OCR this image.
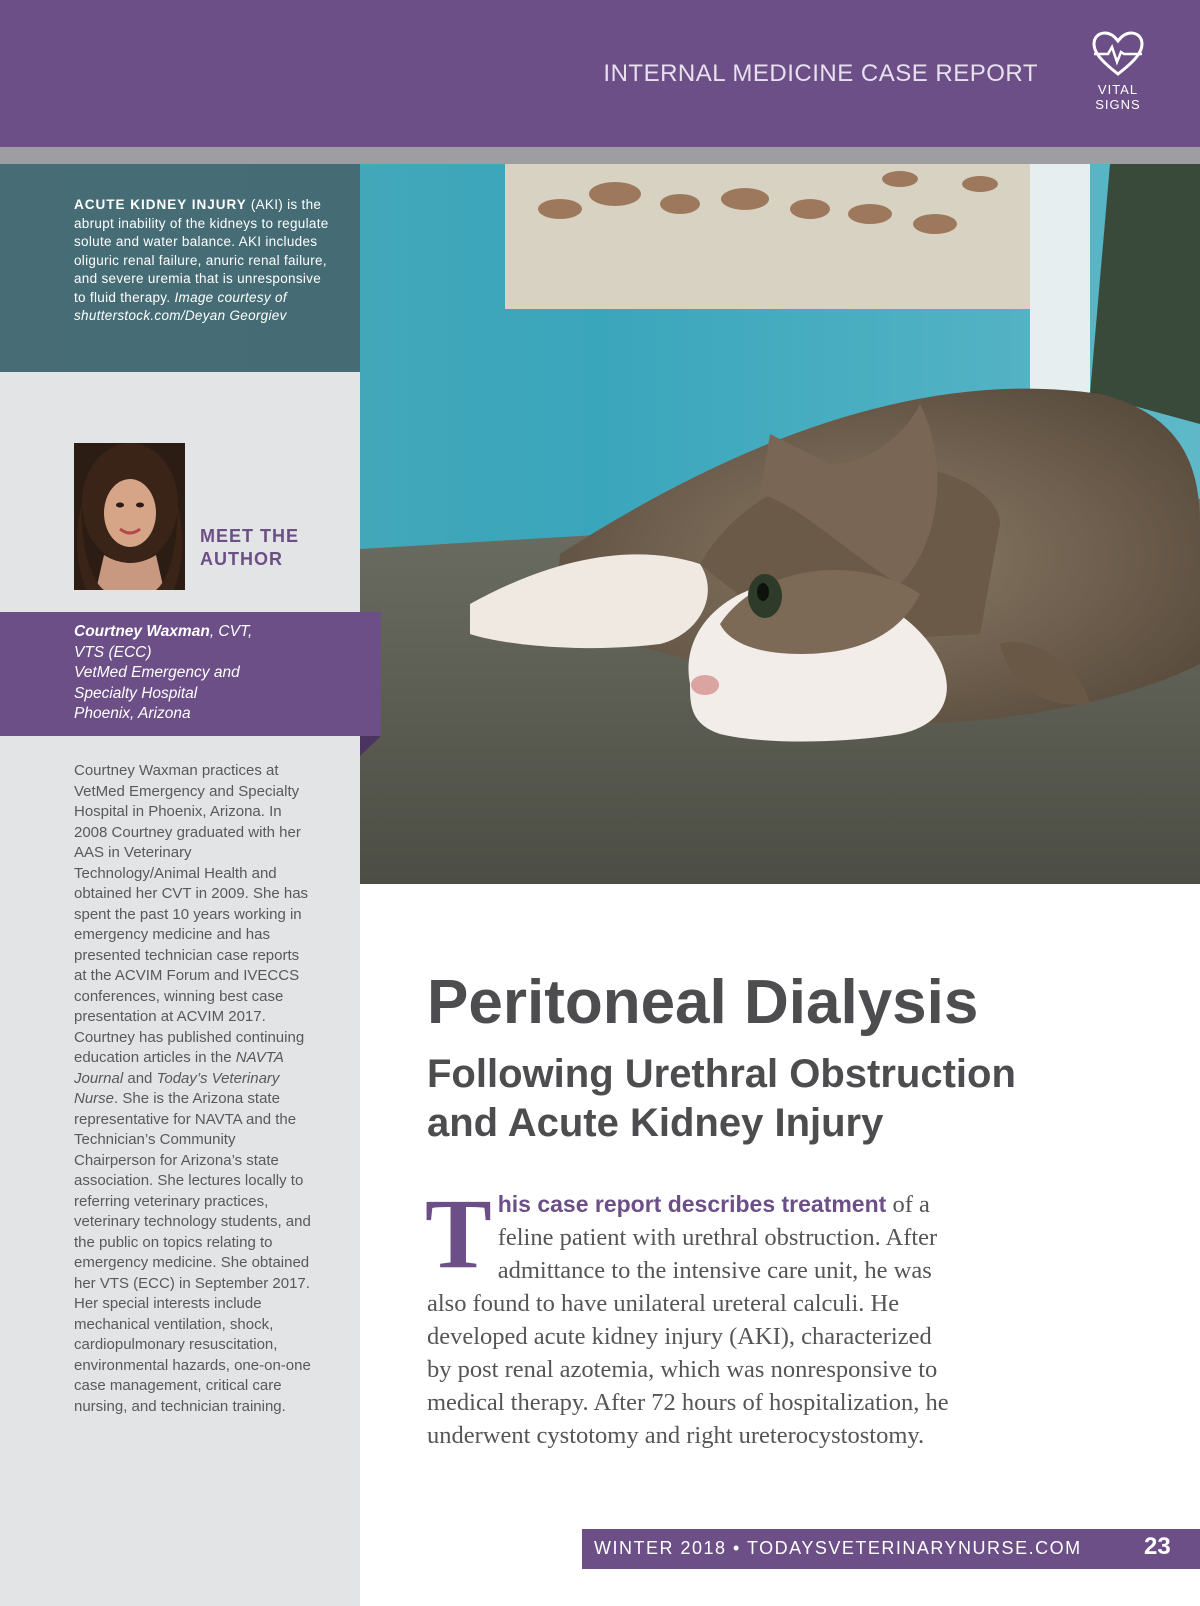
INTERNAL MEDICINE CASE REPORT
VITAL
SIGNS
ACUTE KIDNEY INJURY (AKI) is the abrupt inability of the kidneys to regulate solute and water balance. AKI includes oliguric renal failure, anuric renal failure, and severe uremia that is unresponsive to fluid therapy. Image courtesy of shutterstock.com/Deyan Georgiev
MEET THE
AUTHOR
Courtney Waxman, CVT,
VTS (ECC)
VetMed Emergency and
Specialty Hospital
Phoenix, Arizona
Courtney Waxman practices at VetMed Emergency and Specialty Hospital in Phoenix, Arizona. In 2008 Courtney graduated with her AAS in Veterinary Technology/Animal Health and obtained her CVT in 2009. She has spent the past 10 years working in emergency medicine and has presented technician case reports at the ACVIM Forum and IVECCS conferences, winning best case presentation at ACVIM 2017. Courtney has published continuing education articles in the NAVTA Journal and Today’s Veterinary Nurse. She is the Arizona state representative for NAVTA and the Technician’s Community Chairperson for Arizona’s state association. She lectures locally to referring veterinary practices, veterinary technology students, and the public on topics relating to emergency medicine. She obtained her VTS (ECC) in September 2017. Her special interests include mechanical ventilation, shock, cardiopulmonary resuscitation, environmental hazards, one-on-one case management, critical care nursing, and technician training.
Peritoneal Dialysis
Following Urethral Obstruction and Acute Kidney Injury
This case report describes treatment of a feline patient with urethral obstruction. After admittance to the intensive care unit, he was also found to have unilateral ureteral calculi. He developed acute kidney injury (AKI), characterized by post renal azotemia, which was nonresponsive to medical therapy. After 72 hours of hospitalization, he underwent cystotomy and right ureterocystostomy.
WINTER 2018 • TODAYSVETERINARYNURSE.COM	23
